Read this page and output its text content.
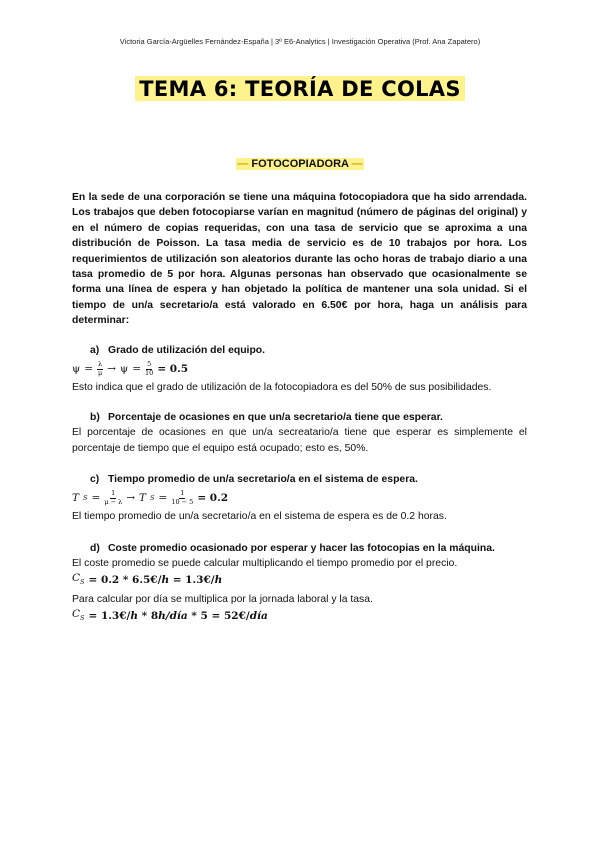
Victoria García-Argüelles Fernández-España | 3º E6-Analytics | Investigación Operativa (Prof. Ana Zapatero)
TEMA 6: TEORÍA DE COLAS
— FOTOCOPIADORA —
En la sede de una corporación se tiene una máquina fotocopiadora que ha sido arrendada. Los trabajos que deben fotocopiarse varían en magnitud (número de páginas del original) y en el número de copias requeridas, con una tasa de servicio que se aproxima a una distribución de Poisson. La tasa media de servicio es de 10 trabajos por hora. Los requerimientos de utilización son aleatorios durante las ocho horas de trabajo diario a una tasa promedio de 5 por hora. Algunas personas han observado que ocasionalmente se forma una línea de espera y han objetado la política de mantener una sola unidad. Si el tiempo de un/a secretario/a está valorado en 6.50€ por hora, haga un análisis para determinar:
a) Grado de utilización del equipo.
$\psi = \frac{\lambda}{\mu} \to \psi = \frac{5}{10} = 0.5$
Esto indica que el grado de utilización de la fotocopiadora es del 50% de sus posibilidades.
b) Porcentaje de ocasiones en que un/a secretario/a tiene que esperar.
El porcentaje de ocasiones en que un/a secreatario/a tiene que esperar es simplemente el porcentaje de tiempo que el equipo está ocupado; esto es, 50%.
c) Tiempo promedio de un/a secretario/a en el sistema de espera.
T $S = \frac{1}{\mu - \lambda} \to T$ $S = \frac{1}{10 - 5} = 0.2$
El tiempo promedio de un/a secretario/a en el sistema de espera es de 0.2 horas.
d) Coste promedio ocasionado por esperar y hacer las fotocopias en la máquina.
El coste promedio se puede calcular multiplicando el tiempo promedio por el precio.
$C_S = 0.2$ * 6.5€/h = 1.3€/h
Para calcular por día se multiplica por la jornada laboral y la tasa.
$C_S$ = 1.3€/h * 8h/día * 5 = 52€/día
